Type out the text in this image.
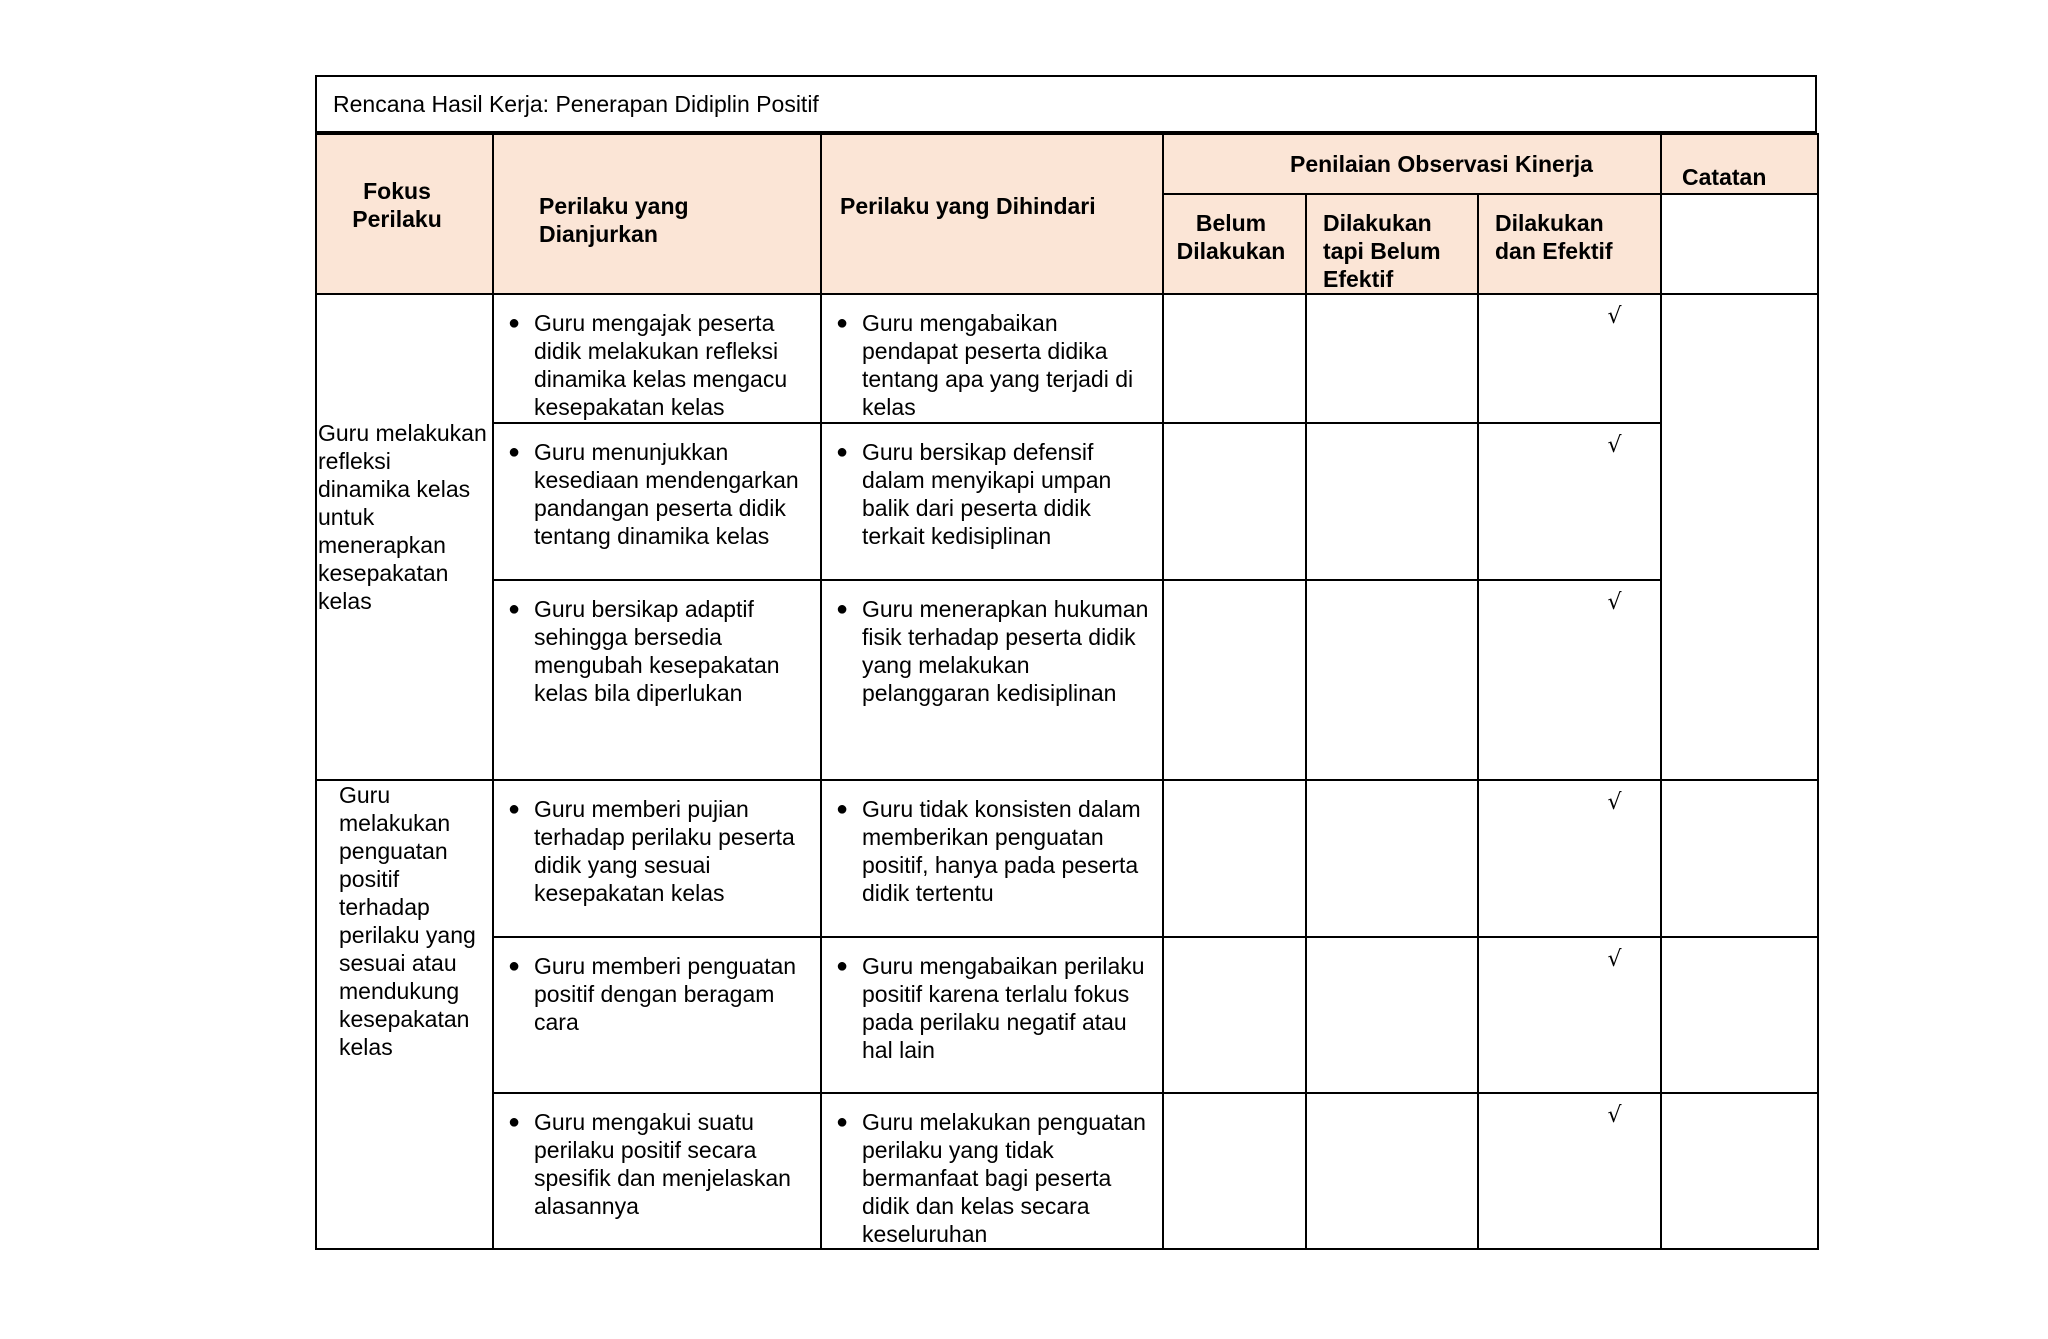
Rencana Hasil Kerja: Penerapan Didiplin Positif
Fokus Perilaku	Perilaku yang Dianjurkan	Perilaku yang Dihindari	Penilaian Observasi Kinerja			Catatan

			Belum Dilakukan	Dilakukan tapi Belum Efektif	Dilakukan dan Efektif	

Guru melakukan refleksi dinamika kelas untuk menerapkan kesepakatan kelas	● Guru mengajak peserta didik melakukan refleksi dinamika kelas mengacu kesepakatan kelas	● Guru mengabaikan pendapat peserta didika tentang apa yang terjadi di kelas			√	

	● Guru menunjukkan kesediaan mendengarkan pandangan peserta didik tentang dinamika kelas	● Guru bersikap defensif dalam menyikapi umpan balik dari peserta didik terkait kedisiplinan			√	

	● Guru bersikap adaptif sehingga bersedia mengubah kesepakatan kelas bila diperlukan	● Guru menerapkan hukuman fisik terhadap peserta didik yang melakukan pelanggaran kedisiplinan			√	

Guru melakukan penguatan positif terhadap perilaku yang sesuai atau mendukung kesepakatan kelas	● Guru memberi pujian terhadap perilaku peserta didik yang sesuai kesepakatan kelas	● Guru tidak konsisten dalam memberikan penguatan positif, hanya pada peserta didik tertentu			√	

	● Guru memberi penguatan positif dengan beragam cara	● Guru mengabaikan perilaku positif karena terlalu fokus pada perilaku negatif atau hal lain			√	

	● Guru mengakui suatu perilaku positif secara spesifik dan menjelaskan alasannya	● Guru melakukan penguatan perilaku yang tidak bermanfaat bagi peserta didik dan kelas secara keseluruhan			√	
